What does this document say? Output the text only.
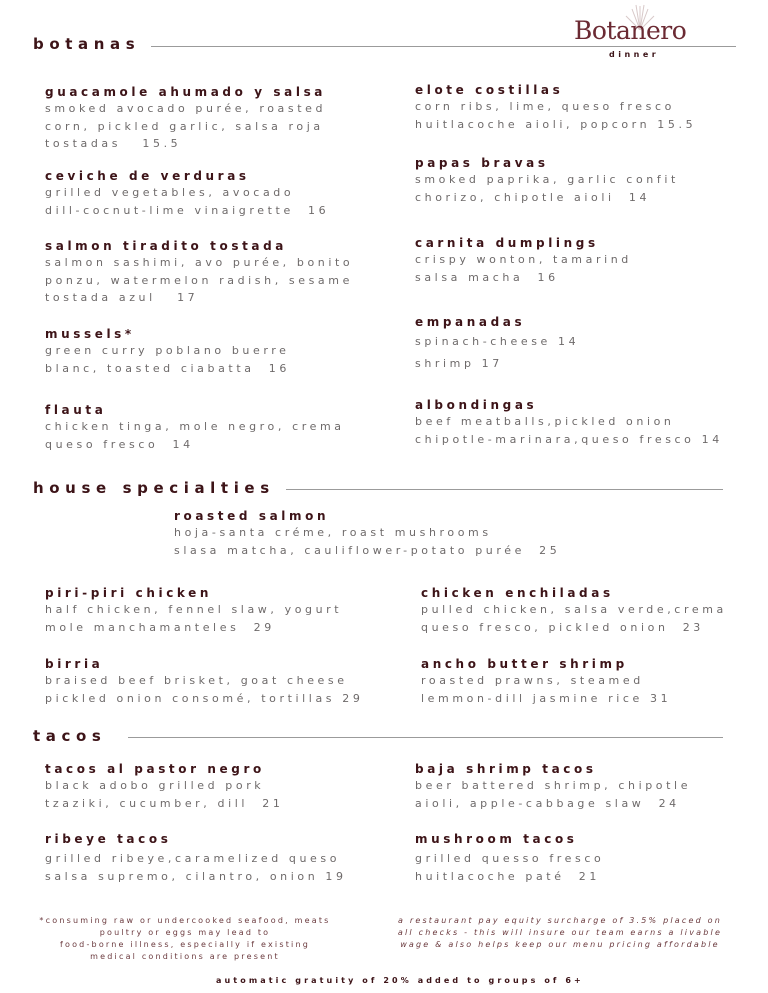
Botanero
dinner
botanas
guacamole ahumado y salsa
smoked avocado purée, roasted
corn, pickled garlic, salsa roja
tostadas   15.5
ceviche de verduras
grilled vegetables, avocado
dill-cocnut-lime vinaigrette  16
salmon tiradito tostada
salmon sashimi, avo purée, bonito
ponzu, watermelon radish, sesame
tostada azul   17
mussels*
green curry poblano buerre
blanc, toasted ciabatta  16
flauta
chicken tinga, mole negro, crema
queso fresco  14
elote costillas
corn ribs, lime, queso fresco
huitlacoche aioli, popcorn 15.5
papas bravas
smoked paprika, garlic confit
chorizo, chipotle aioli  14
carnita dumplings
crispy wonton, tamarind
salsa macha  16
empanadas
spinach-cheese 14
shrimp 17
albondingas
beef meatballs,pickled onion
chipotle-marinara,queso fresco 14
house specialties
roasted salmon
hoja-santa créme, roast mushrooms
slasa matcha, cauliflower-potato purée  25
piri-piri chicken
half chicken, fennel slaw, yogurt
mole manchamanteles  29
birria
braised beef brisket, goat cheese
pickled onion consomé, tortillas 29
chicken enchiladas
pulled chicken, salsa verde,crema
queso fresco, pickled onion  23
ancho butter shrimp
roasted prawns, steamed
lemmon-dill jasmine rice 31
tacos
tacos al pastor negro
black adobo grilled pork
tzaziki, cucumber, dill  21
ribeye tacos
grilled ribeye,caramelized queso
salsa supremo, cilantro, onion 19
baja shrimp tacos
beer battered shrimp, chipotle
aioli, apple-cabbage slaw  24
mushroom tacos
grilled quesso fresco
huitlacoche paté  21
*consuming raw or undercooked seafood, meats
poultry or eggs may lead to
food-borne illness, especially if existing
medical conditions are present
a restaurant pay equity surcharge of 3.5% placed on
all checks - this will insure our team earns a livable
wage & also helps keep our menu pricing affordable
automatic gratuity of 20% added to groups of 6+
